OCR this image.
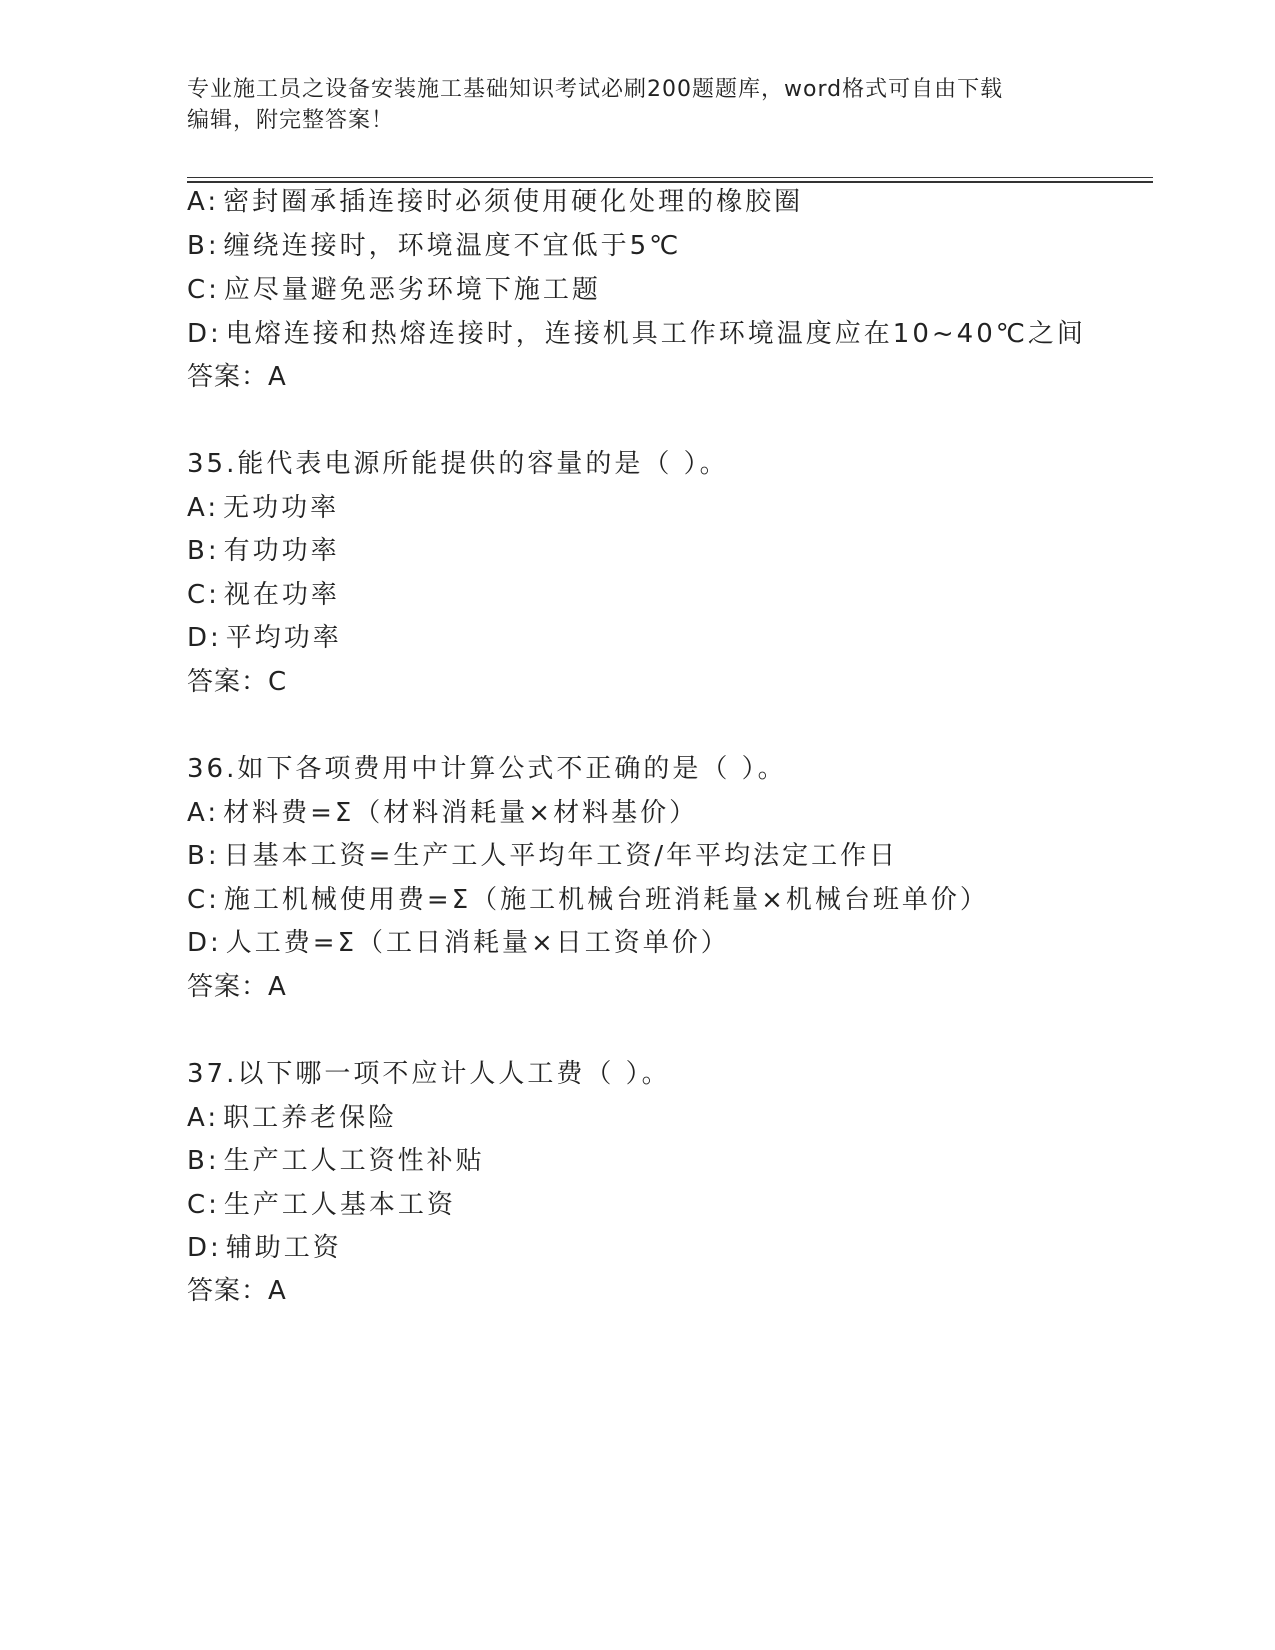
专业施工员之设备安装施工基础知识考试必刷200题题库，word格式可自由下载
编辑，附完整答案！
A: 密封圈承插连接时必须使用硬化处理的橡胶圈
B: 缠绕连接时，环境温度不宜低于5℃
C: 应尽量避免恶劣环境下施工题
D: 电熔连接和热熔连接时，连接机具工作环境温度应在10~40℃之间
答案：A
35.能代表电源所能提供的容量的是（ ）。
A: 无功功率
B: 有功功率
C: 视在功率
D: 平均功率
答案：C
36.如下各项费用中计算公式不正确的是（ ）。
A: 材料费=Σ（材料消耗量×材料基价）
B: 日基本工资=生产工人平均年工资/年平均法定工作日
C: 施工机械使用费=Σ（施工机械台班消耗量×机械台班单价）
D: 人工费=Σ（工日消耗量×日工资单价）
答案：A
37.以下哪一项不应计人人工费（ ）。
A: 职工养老保险
B: 生产工人工资性补贴
C: 生产工人基本工资
D: 辅助工资
答案：A
